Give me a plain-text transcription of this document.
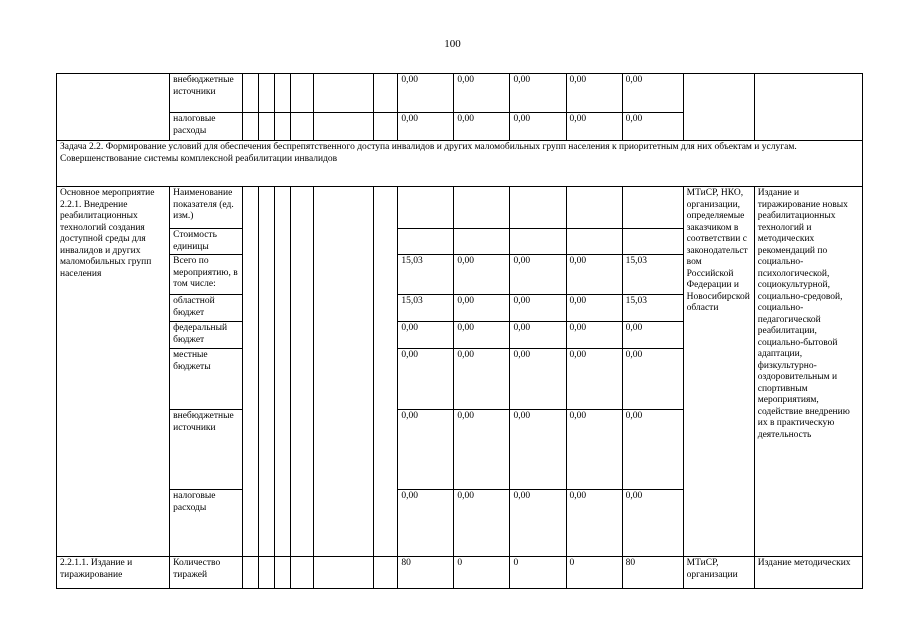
100
	внебюджетные источники							0,00	0,00	0,00	0,00	0,00		
	налоговые расходы							0,00	0,00	0,00	0,00	0,00		
Задача 2.2. Формирование условий для обеспечения беспрепятственного доступа инвалидов и других маломобильных групп населения к приоритетным для них объектам и услугам. Совершенствование системы комплексной реабилитации инвалидов														
Основное мероприятие 2.2.1. Внедрение реабилитационных технологий создания доступной среды для инвалидов и других маломобильных групп населения	Наименование показателя (ед. изм.)												МТиСР, НКО, организации, определяемые заказчиком в соответствии с законодательством Российской Федерации и Новосибирской области	Издание и тиражирование новых реабилитационных технологий и методических рекомендаций по социально-психологической, социокультурной, социально-средовой, социально-педагогической реабилитации, социально-бытовой адаптации, физкультурно-оздоровительным и спортивным мероприятиям, содействие внедрению их в практическую деятельность
	Стоимость единицы													
	Всего по мероприятию, в том числе:							15,03	0,00	0,00	0,00	15,03		
	областной бюджет							15,03	0,00	0,00	0,00	15,03		
	федеральный бюджет							0,00	0,00	0,00	0,00	0,00		
	местные бюджеты							0,00	0,00	0,00	0,00	0,00		
	внебюджетные источники							0,00	0,00	0,00	0,00	0,00		
	налоговые расходы							0,00	0,00	0,00	0,00	0,00		
2.2.1.1. Издание и тиражирование	Количество тиражей							80	0	0	0	80	МТиСР, организации	Издание методических
